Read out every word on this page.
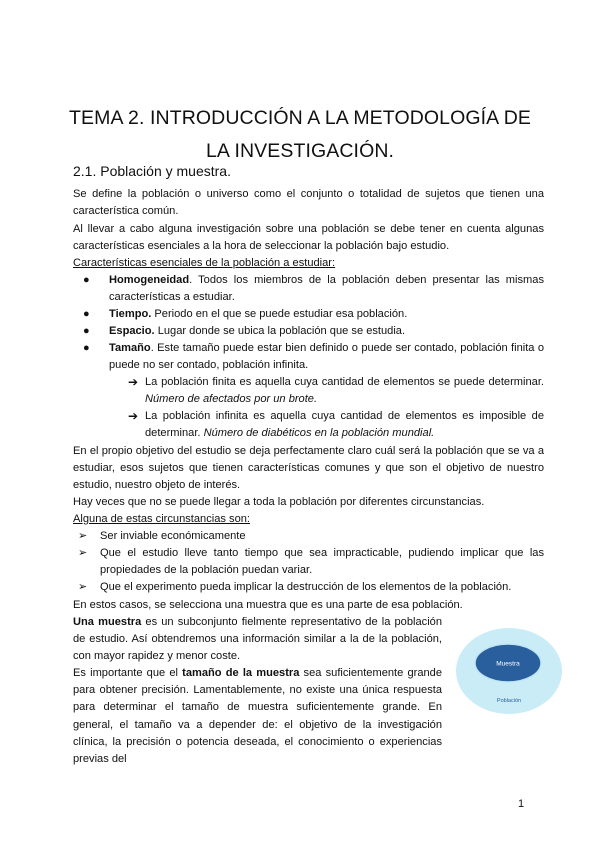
TEMA 2. INTRODUCCIÓN A LA METODOLOGÍA DE
LA INVESTIGACIÓN.
2.1. Población y muestra.
Se define la población o universo como el conjunto o totalidad de sujetos que tienen una característica común.
Al llevar a cabo alguna investigación sobre una población se debe tener en cuenta algunas características esenciales a la hora de seleccionar la población bajo estudio.
Características esenciales de la población a estudiar:
● Homogeneidad. Todos los miembros de la población deben presentar las mismas características a estudiar.
● Tiempo. Periodo en el que se puede estudiar esa población.
● Espacio. Lugar donde se ubica la población que se estudia.
● Tamaño. Este tamaño puede estar bien definido o puede ser contado, población finita o puede no ser contado, población infinita.
➔ La población finita es aquella cuya cantidad de elementos se puede determinar. Número de afectados por un brote.
➔ La población infinita es aquella cuya cantidad de elementos es imposible de determinar. Número de diabéticos en la población mundial.
En el propio objetivo del estudio se deja perfectamente claro cuál será la población que se va a estudiar, esos sujetos que tienen características comunes y que son el objetivo de nuestro estudio, nuestro objeto de interés.
Hay veces que no se puede llegar a toda la población por diferentes circunstancias.
Alguna de estas circunstancias son:
➢ Ser inviable económicamente
➢ Que el estudio lleve tanto tiempo que sea impracticable, pudiendo implicar que las propiedades de la población puedan variar.
➢ Que el experimento pueda implicar la destrucción de los elementos de la población.
En estos casos, se selecciona una muestra que es una parte de esa población.
Una muestra es un subconjunto fielmente representativo de la población de estudio. Así obtendremos una información similar a la de la población, con mayor rapidez y menor coste.
Es importante que el tamaño de la muestra sea suficientemente grande para obtener precisión. Lamentablemente, no existe una única respuesta para determinar el tamaño de muestra suficientemente grande. En general, el tamaño va a depender de: el objetivo de la investigación clínica, la precisión o potencia deseada, el conocimiento o experiencias previas del
Muestra
Población
1
